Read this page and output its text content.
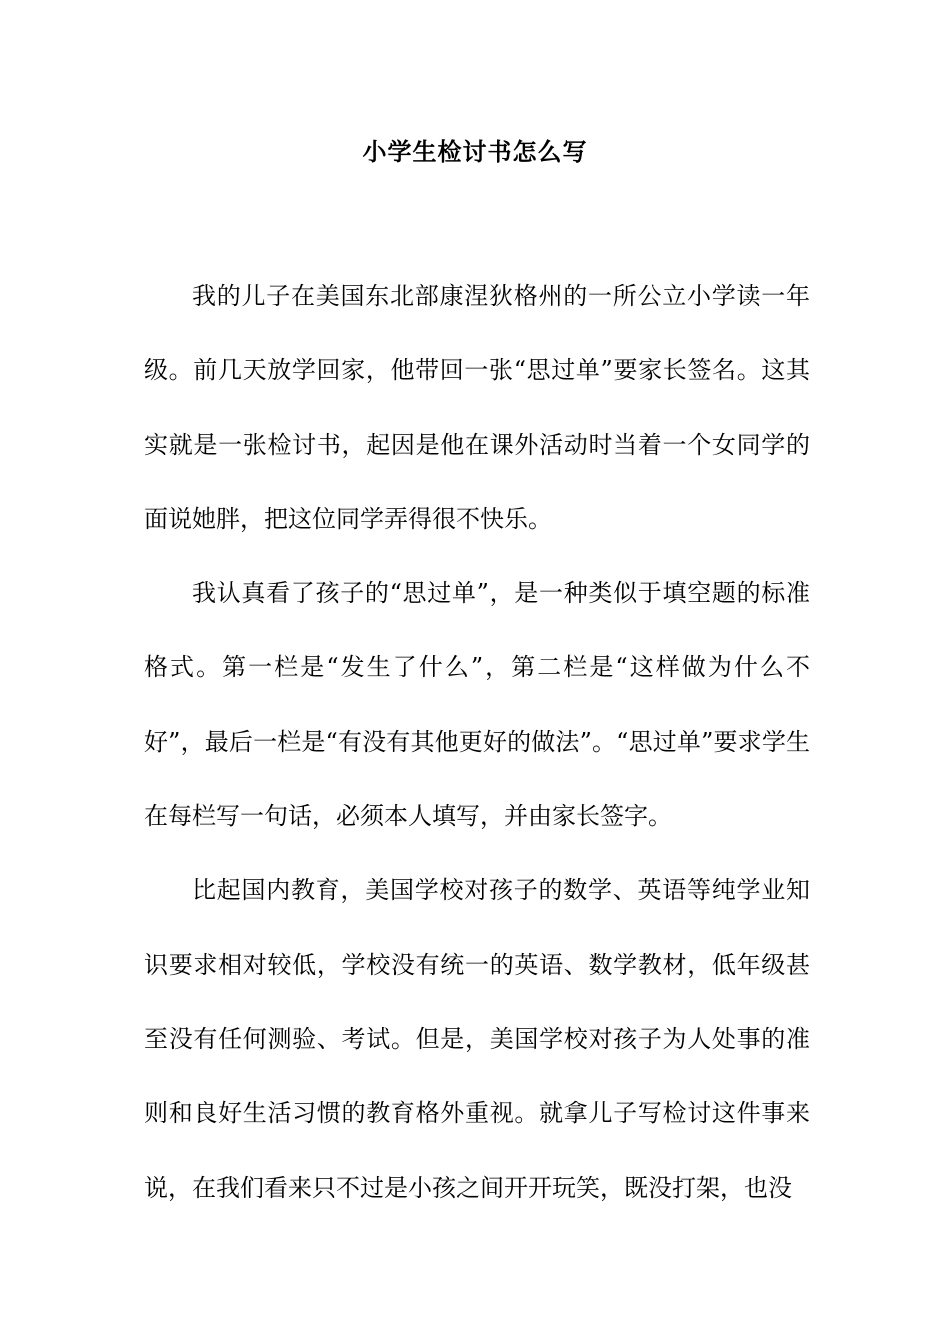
小学生检讨书怎么写

我的儿子在美国东北部康涅狄格州的一所公立小学读一年级。前几天放学回家，他带回一张“思过单”要家长签名。这其实就是一张检讨书，起因是他在课外活动时当着一个女同学的面说她胖，把这位同学弄得很不快乐。

我认真看了孩子的“思过单”，是一种类似于填空题的标准格式。第一栏是“发生了什么”，第二栏是“这样做为什么不好”，最后一栏是“有没有其他更好的做法”。“思过单”要求学生在每栏写一句话，必须本人填写，并由家长签字。

比起国内教育，美国学校对孩子的数学、英语等纯学业知识要求相对较低，学校没有统一的英语、数学教材，低年级甚至没有任何测验、考试。但是，美国学校对孩子为人处事的准则和良好生活习惯的教育格外重视。就拿儿子写检讨这件事来说，在我们看来只不过是小孩之间开开玩笑，既没打架，也没
